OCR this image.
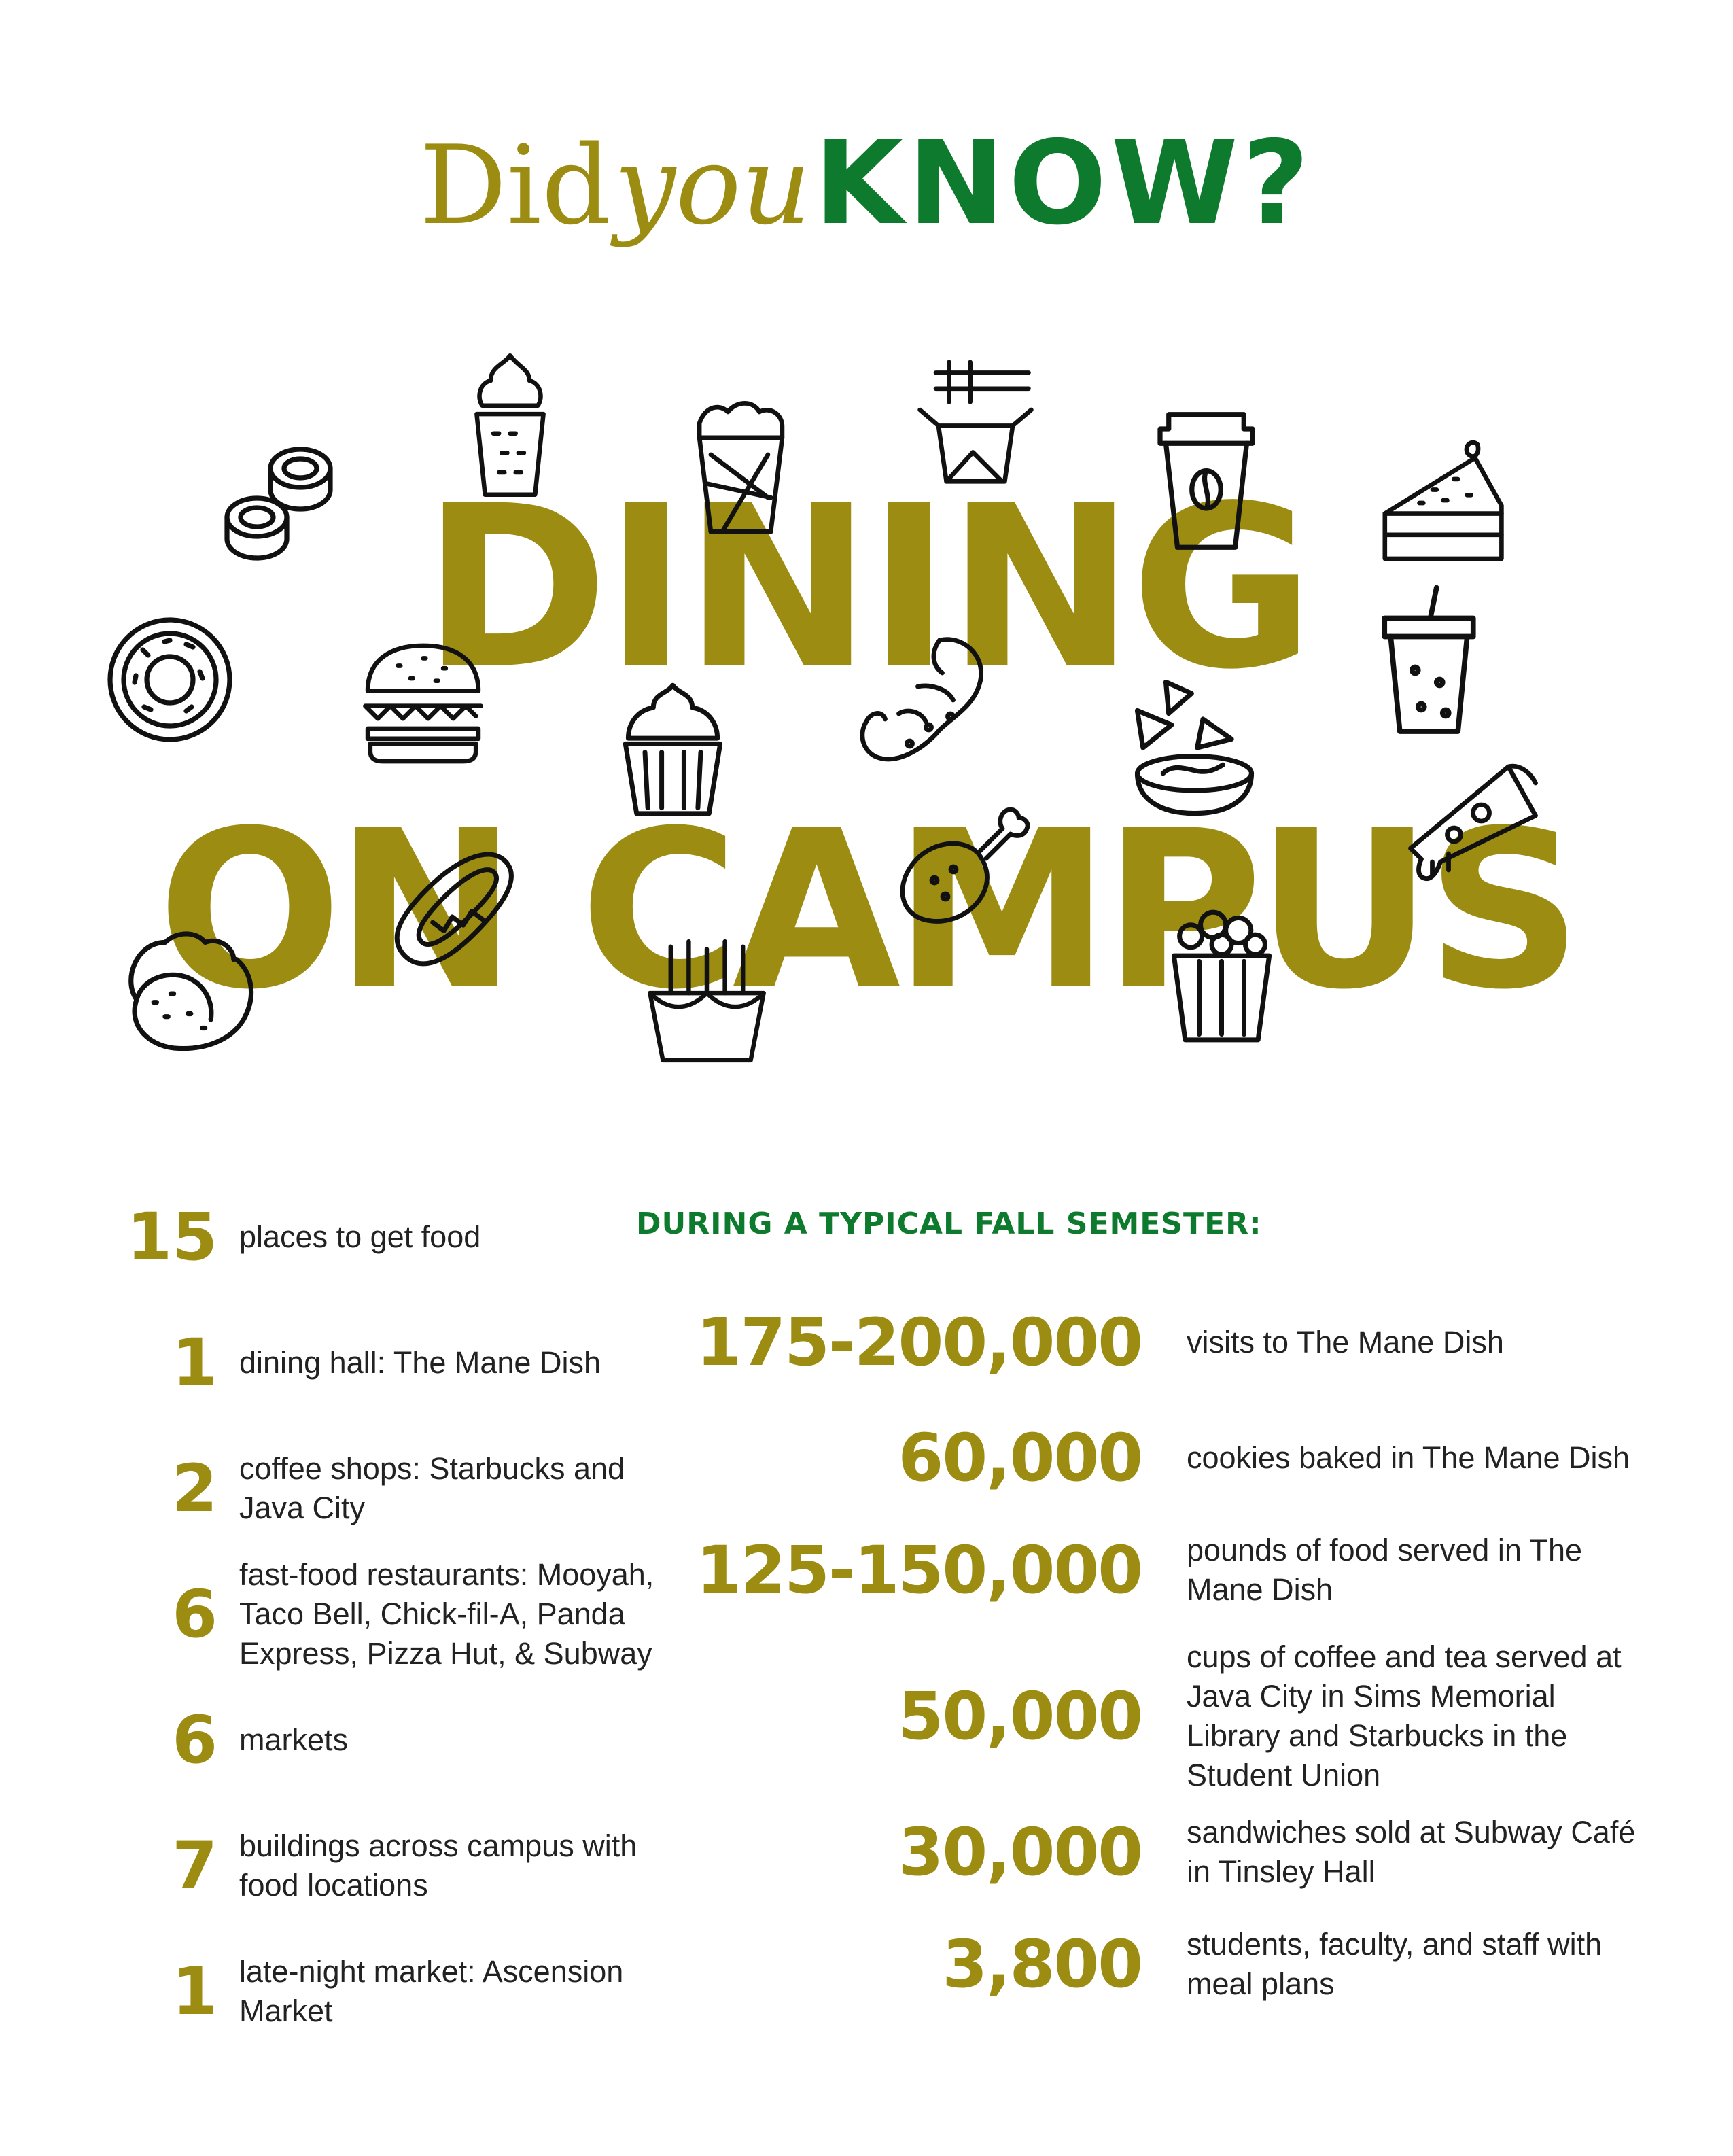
Did you KNOW?
DINING
ON CAMPUS
15 places to get food
1 dining hall: The Mane Dish
2 coffee shops: Starbucks and Java City
6
fast-food restaurants: Mooyah, Taco Bell, Chick-fil-A, Panda Express, Pizza Hut, & Subway
6 markets
7 buildings across campus with food locations
1 late-night market: Ascension Market
DURING A TYPICAL FALL SEMESTER:
175-200,000 visits to The Mane Dish
60,000 cookies baked in The Mane Dish
125-150,000 pounds of food served in The Mane Dish
50,000
cups of coffee and tea served at Java City in Sims Memorial Library and Starbucks in the Student Union
30,000 sandwiches sold at Subway Café in Tinsley Hall
3,800 students, faculty, and staff with meal plans
